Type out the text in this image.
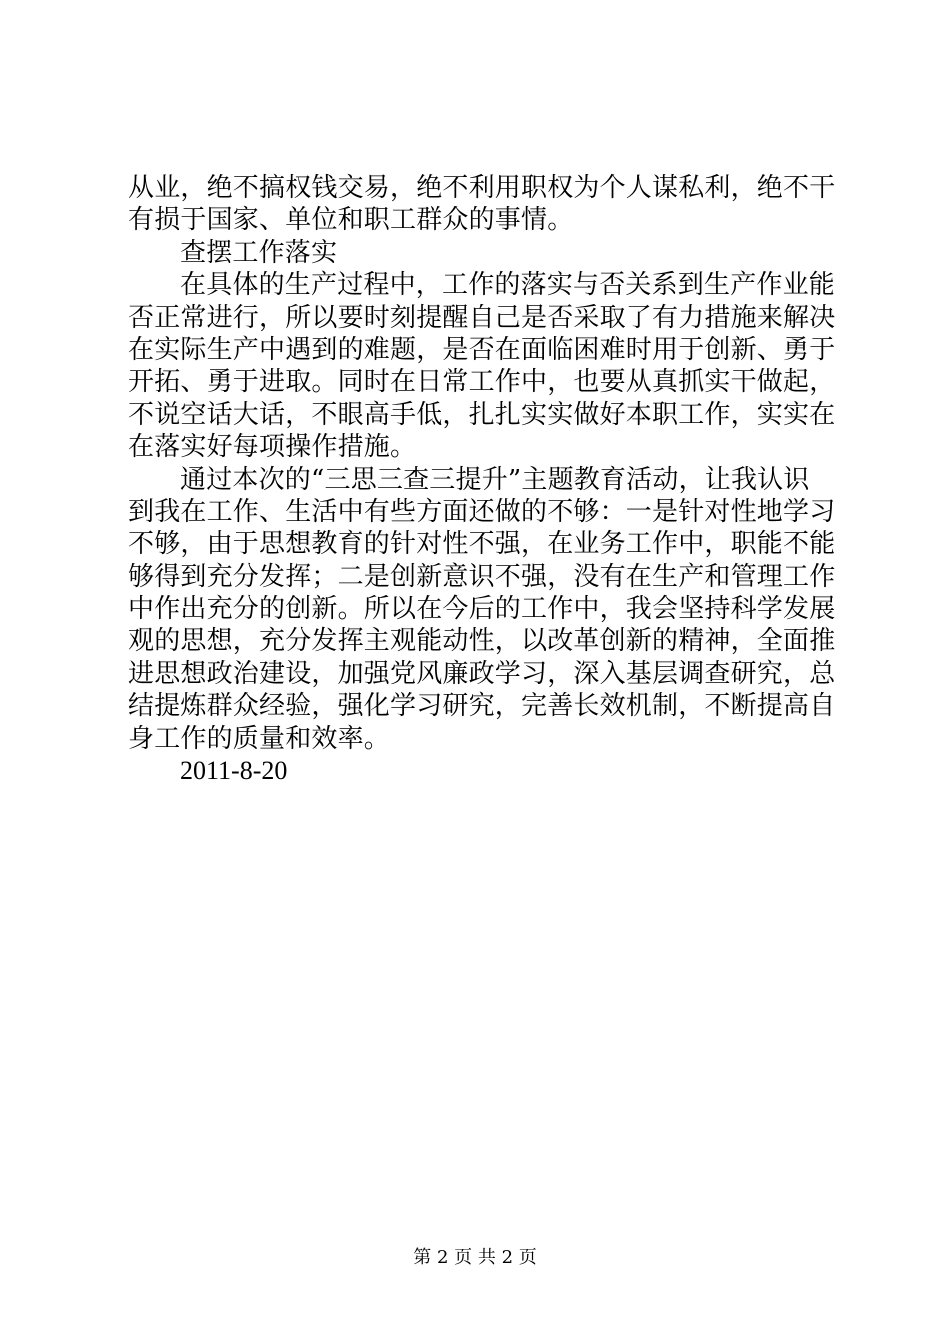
从业，绝不搞权钱交易，绝不利用职权为个人谋私利，绝不干
有损于国家、单位和职工群众的事情。
查摆工作落实
在具体的生产过程中，工作的落实与否关系到生产作业能
否正常进行，所以要时刻提醒自己是否采取了有力措施来解决
在实际生产中遇到的难题，是否在面临困难时用于创新、勇于
开拓、勇于进取。同时在日常工作中，也要从真抓实干做起，
不说空话大话，不眼高手低，扎扎实实做好本职工作，实实在
在落实好每项操作措施。
通过本次的“三思三查三提升”主题教育活动，让我认识
到我在工作、生活中有些方面还做的不够：一是针对性地学习
不够，由于思想教育的针对性不强，在业务工作中，职能不能
够得到充分发挥；二是创新意识不强，没有在生产和管理工作
中作出充分的创新。所以在今后的工作中，我会坚持科学发展
观的思想，充分发挥主观能动性，以改革创新的精神，全面推
进思想政治建设，加强党风廉政学习，深入基层调查研究，总
结提炼群众经验，强化学习研究，完善长效机制，不断提高自
身工作的质量和效率。
2011-8-20
第 2 页 共 2 页
